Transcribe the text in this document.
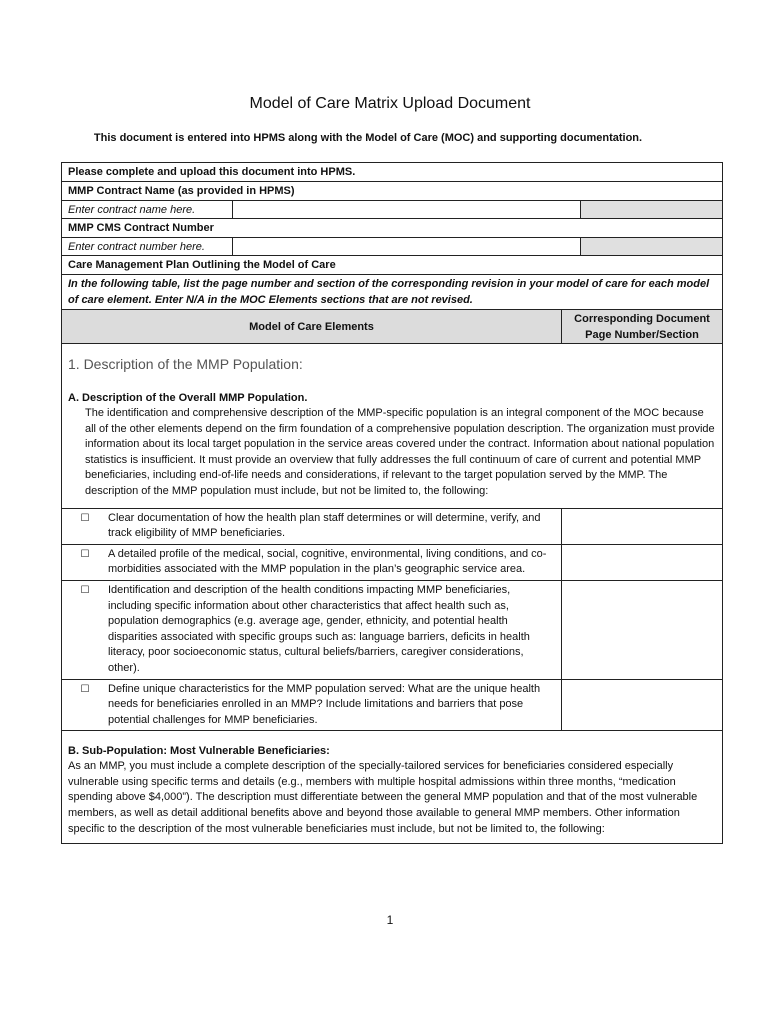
Model of Care Matrix Upload Document
This document is entered into HPMS along with the Model of Care (MOC) and supporting documentation.
Please complete and upload this document into HPMS.
MMP Contract Name (as provided in HPMS)
Enter contract name here.
MMP CMS Contract Number
Enter contract number here.
Care Management Plan Outlining the Model of Care
In the following table, list the page number and section of the corresponding revision in your model of care for each model of care element. Enter N/A in the MOC Elements sections that are not revised.
Model of Care Elements
Corresponding Document Page Number/Section
1. Description of the MMP Population:
A. Description of the Overall MMP Population.
The identification and comprehensive description of the MMP-specific population is an integral component of the MOC because all of the other elements depend on the firm foundation of a comprehensive population description. The organization must provide information about its local target population in the service areas covered under the contract. Information about national population statistics is insufficient. It must provide an overview that fully addresses the full continuum of care of current and potential MMP beneficiaries, including end-of-life needs and considerations, if relevant to the target population served by the MMP. The description of the MMP population must include, but not be limited to, the following:
☐	Clear documentation of how the health plan staff determines or will determine, verify, and track eligibility of MMP beneficiaries.
☐	A detailed profile of the medical, social, cognitive, environmental, living conditions, and co-morbidities associated with the MMP population in the plan’s geographic service area.
☐	Identification and description of the health conditions impacting MMP beneficiaries, including specific information about other characteristics that affect health such as, population demographics (e.g. average age, gender, ethnicity, and potential health disparities associated with specific groups such as: language barriers, deficits in health literacy, poor socioeconomic status, cultural beliefs/barriers, caregiver considerations, other).
☐	Define unique characteristics for the MMP population served: What are the unique health needs for beneficiaries enrolled in an MMP? Include limitations and barriers that pose potential challenges for MMP beneficiaries.
B. Sub-Population: Most Vulnerable Beneficiaries:
As an MMP, you must include a complete description of the specially-tailored services for beneficiaries considered especially vulnerable using specific terms and details (e.g., members with multiple hospital admissions within three months, “medication spending above $4,000”). The description must differentiate between the general MMP population and that of the most vulnerable members, as well as detail additional benefits above and beyond those available to general MMP members. Other information specific to the description of the most vulnerable beneficiaries must include, but not be limited to, the following:
1
